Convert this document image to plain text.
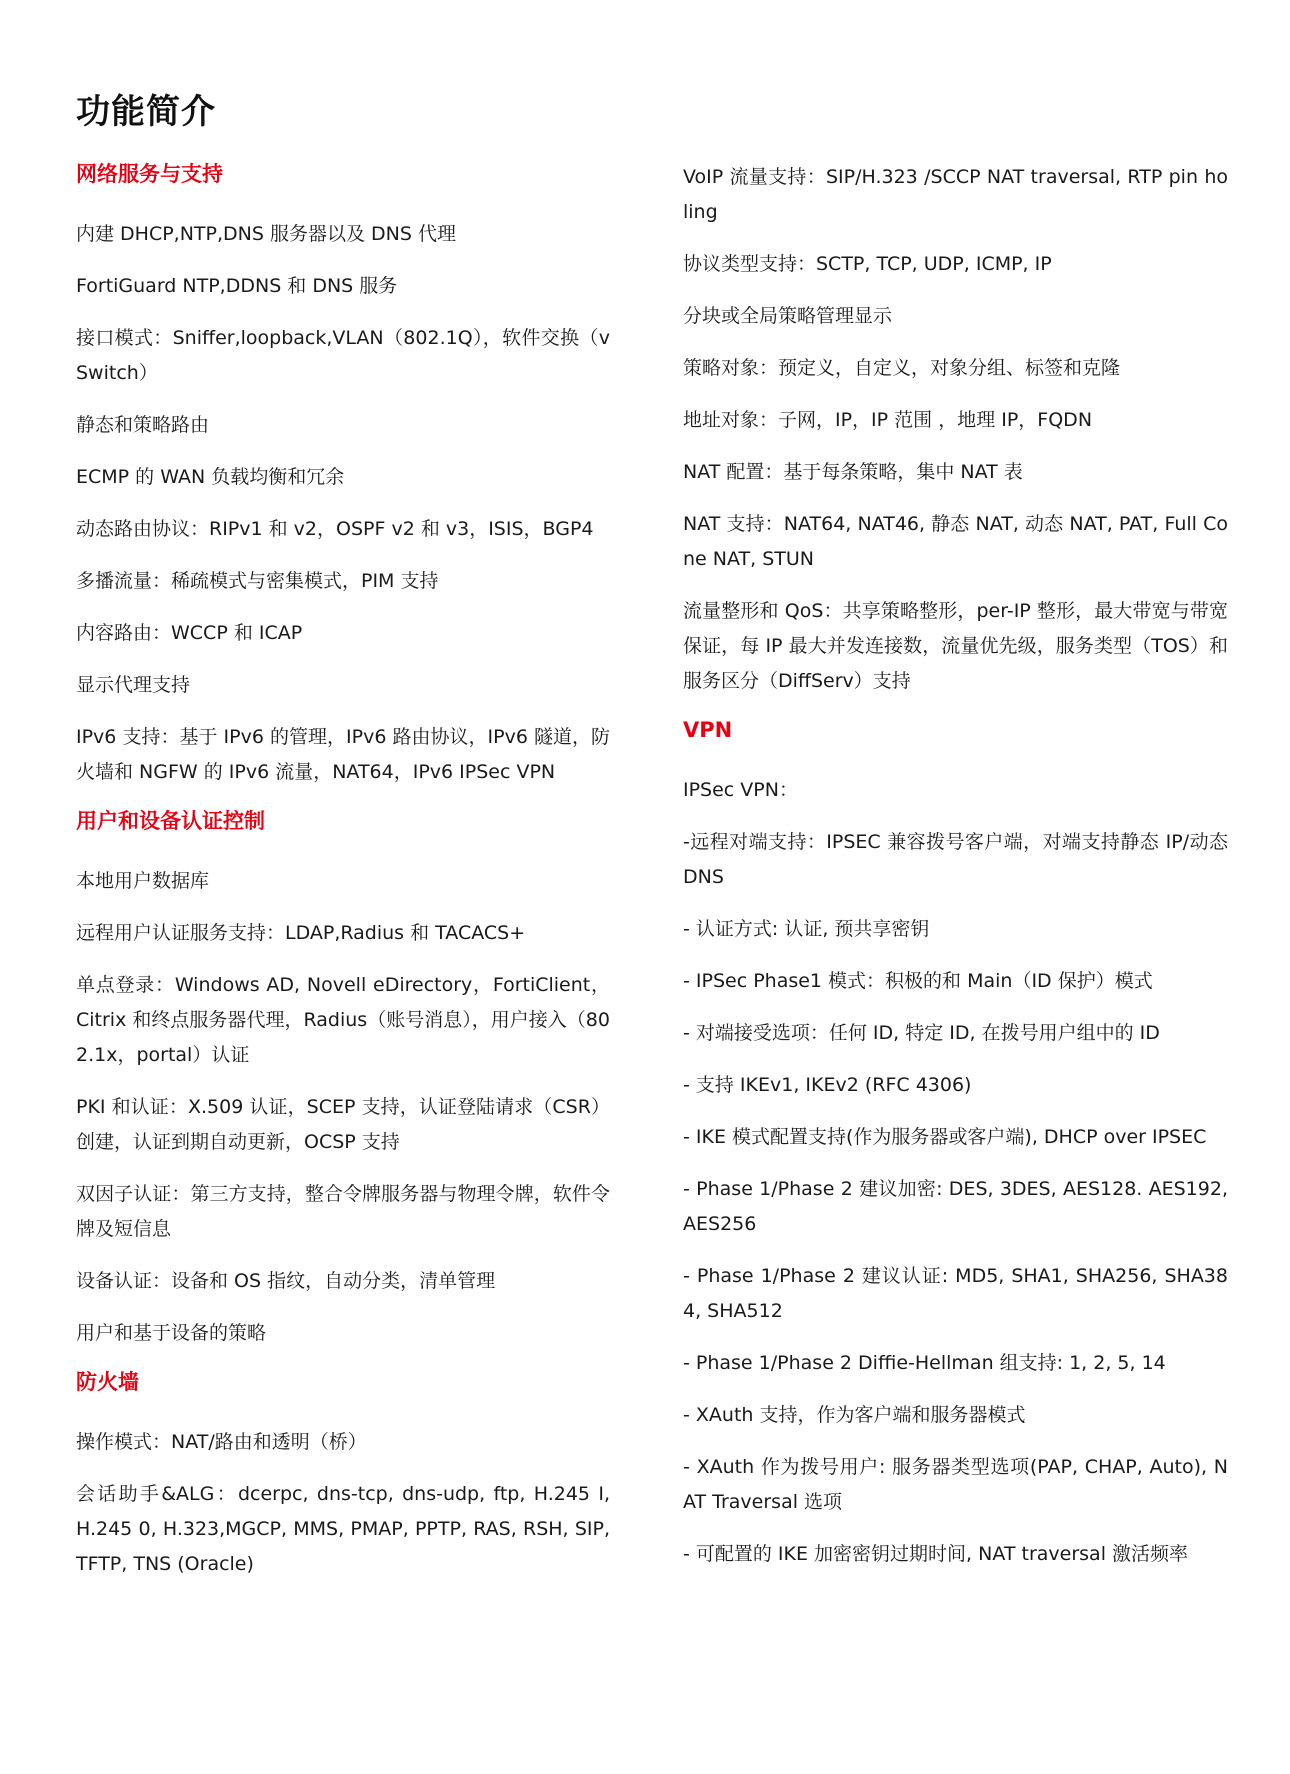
功能简介
网络服务与支持
内建 DHCP,NTP,DNS 服务器以及 DNS 代理
FortiGuard NTP,DDNS 和 DNS 服务
接口模式：Sniffer,loopback,VLAN（802.1Q），软件交换（vSwitch）
静态和策略路由
ECMP 的 WAN 负载均衡和冗余
动态路由协议：RIPv1 和 v2，OSPF v2 和 v3，ISIS，BGP4
多播流量：稀疏模式与密集模式，PIM 支持
内容路由：WCCP 和 ICAP
显示代理支持
IPv6 支持：基于 IPv6 的管理，IPv6 路由协议，IPv6 隧道，防火墙和 NGFW 的 IPv6 流量，NAT64，IPv6 IPSec VPN
用户和设备认证控制
本地用户数据库
远程用户认证服务支持：LDAP,Radius 和 TACACS+
单点登录：Windows AD, Novell eDirectory，FortiClient，Citrix 和终点服务器代理，Radius（账号消息），用户接入（802.1x，portal）认证
PKI 和认证：X.509 认证，SCEP 支持，认证登陆请求（CSR）创建，认证到期自动更新，OCSP 支持
双因子认证：第三方支持，整合令牌服务器与物理令牌，软件令牌及短信息
设备认证：设备和 OS 指纹，自动分类，清单管理
用户和基于设备的策略
防火墙
操作模式：NAT/路由和透明（桥）
会话助手&ALG：dcerpc, dns-tcp, dns-udp, ftp, H.245 I, H.245 0, H.323,MGCP, MMS, PMAP, PPTP, RAS, RSH, SIP, TFTP, TNS (Oracle)
VoIP 流量支持：SIP/H.323 /SCCP NAT traversal, RTP pin holing
协议类型支持：SCTP, TCP, UDP, ICMP, IP
分块或全局策略管理显示
策略对象：预定义，自定义，对象分组、标签和克隆
地址对象：子网，IP，IP 范围 ，地理 IP，FQDN
NAT 配置：基于每条策略，集中 NAT 表
NAT 支持：NAT64, NAT46, 静态 NAT, 动态 NAT, PAT, Full Cone NAT, STUN
流量整形和 QoS：共享策略整形，per-IP 整形，最大带宽与带宽保证，每 IP 最大并发连接数，流量优先级，服务类型（TOS）和服务区分（DiffServ）支持
VPN
IPSec VPN：
-远程对端支持：IPSEC 兼容拨号客户端，对端支持静态 IP/动态 DNS
- 认证方式: 认证, 预共享密钥
- IPSec Phase1 模式：积极的和 Main（ID 保护）模式
- 对端接受选项：任何 ID, 特定 ID, 在拨号用户组中的 ID
- 支持 IKEv1, IKEv2 (RFC 4306)
- IKE 模式配置支持(作为服务器或客户端), DHCP over IPSEC
- Phase 1/Phase 2 建议加密: DES, 3DES, AES128. AES192, AES256
- Phase 1/Phase 2 建议认证: MD5, SHA1, SHA256, SHA384, SHA512
- Phase 1/Phase 2 Diffie-Hellman 组支持: 1, 2, 5, 14
- XAuth 支持，作为客户端和服务器模式
- XAuth 作为拨号用户: 服务器类型选项(PAP, CHAP, Auto), NAT Traversal 选项
- 可配置的 IKE 加密密钥过期时间, NAT traversal 激活频率
